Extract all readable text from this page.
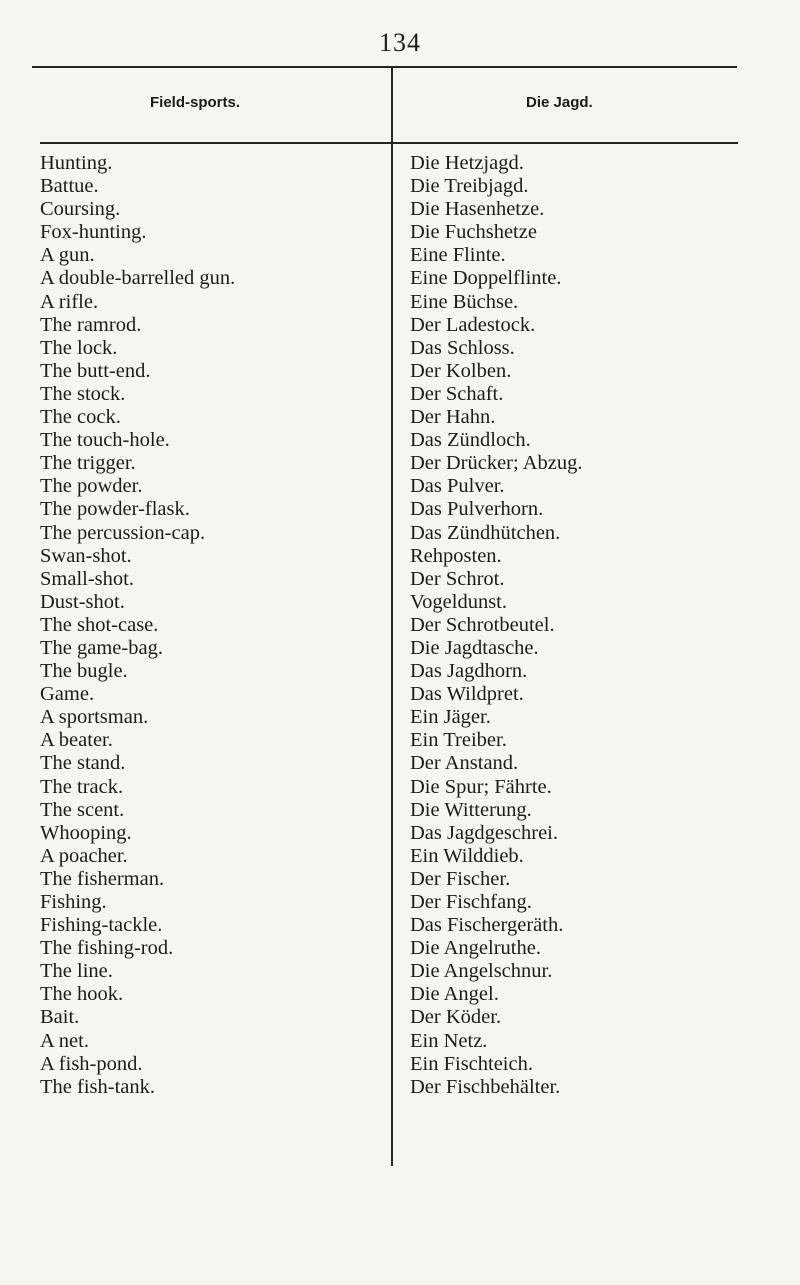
134
Field-sports.	Die Jagd.
Hunting.
Battue.
Coursing.
Fox-hunting.
A gun.
A double-barrelled gun.
A rifle.
The ramrod.
The lock.
The butt-end.
The stock.
The cock.
The touch-hole.
The trigger.
The powder.
The powder-flask.
The percussion-cap.
Swan-shot.
Small-shot.
Dust-shot.
The shot-case.
The game-bag.
The bugle.
Game.
A sportsman.
A beater.
The stand.
The track.
The scent.
Whooping.
A poacher.
The fisherman.
Fishing.
Fishing-tackle.
The fishing-rod.
The line.
The hook.
Bait.
A net.
A fish-pond.
The fish-tank.
Die Hetzjagd.
Die Treibjagd.
Die Hasenhetze.
Die Fuchshetze
Eine Flinte.
Eine Doppelflinte.
Eine Büchse.
Der Ladestock.
Das Schloss.
Der Kolben.
Der Schaft.
Der Hahn.
Das Zündloch.
Der Drücker; Abzug.
Das Pulver.
Das Pulverhorn.
Das Zündhütchen.
Rehposten.
Der Schrot.
Vogeldunst.
Der Schrotbeutel.
Die Jagdtasche.
Das Jagdhorn.
Das Wildpret.
Ein Jäger.
Ein Treiber.
Der Anstand.
Die Spur; Fährte.
Die Witterung.
Das Jagdgeschrei.
Ein Wilddieb.
Der Fischer.
Der Fischfang.
Das Fischergeräth.
Die Angelruthe.
Die Angelschnur.
Die Angel.
Der Köder.
Ein Netz.
Ein Fischteich.
Der Fischbehälter.
